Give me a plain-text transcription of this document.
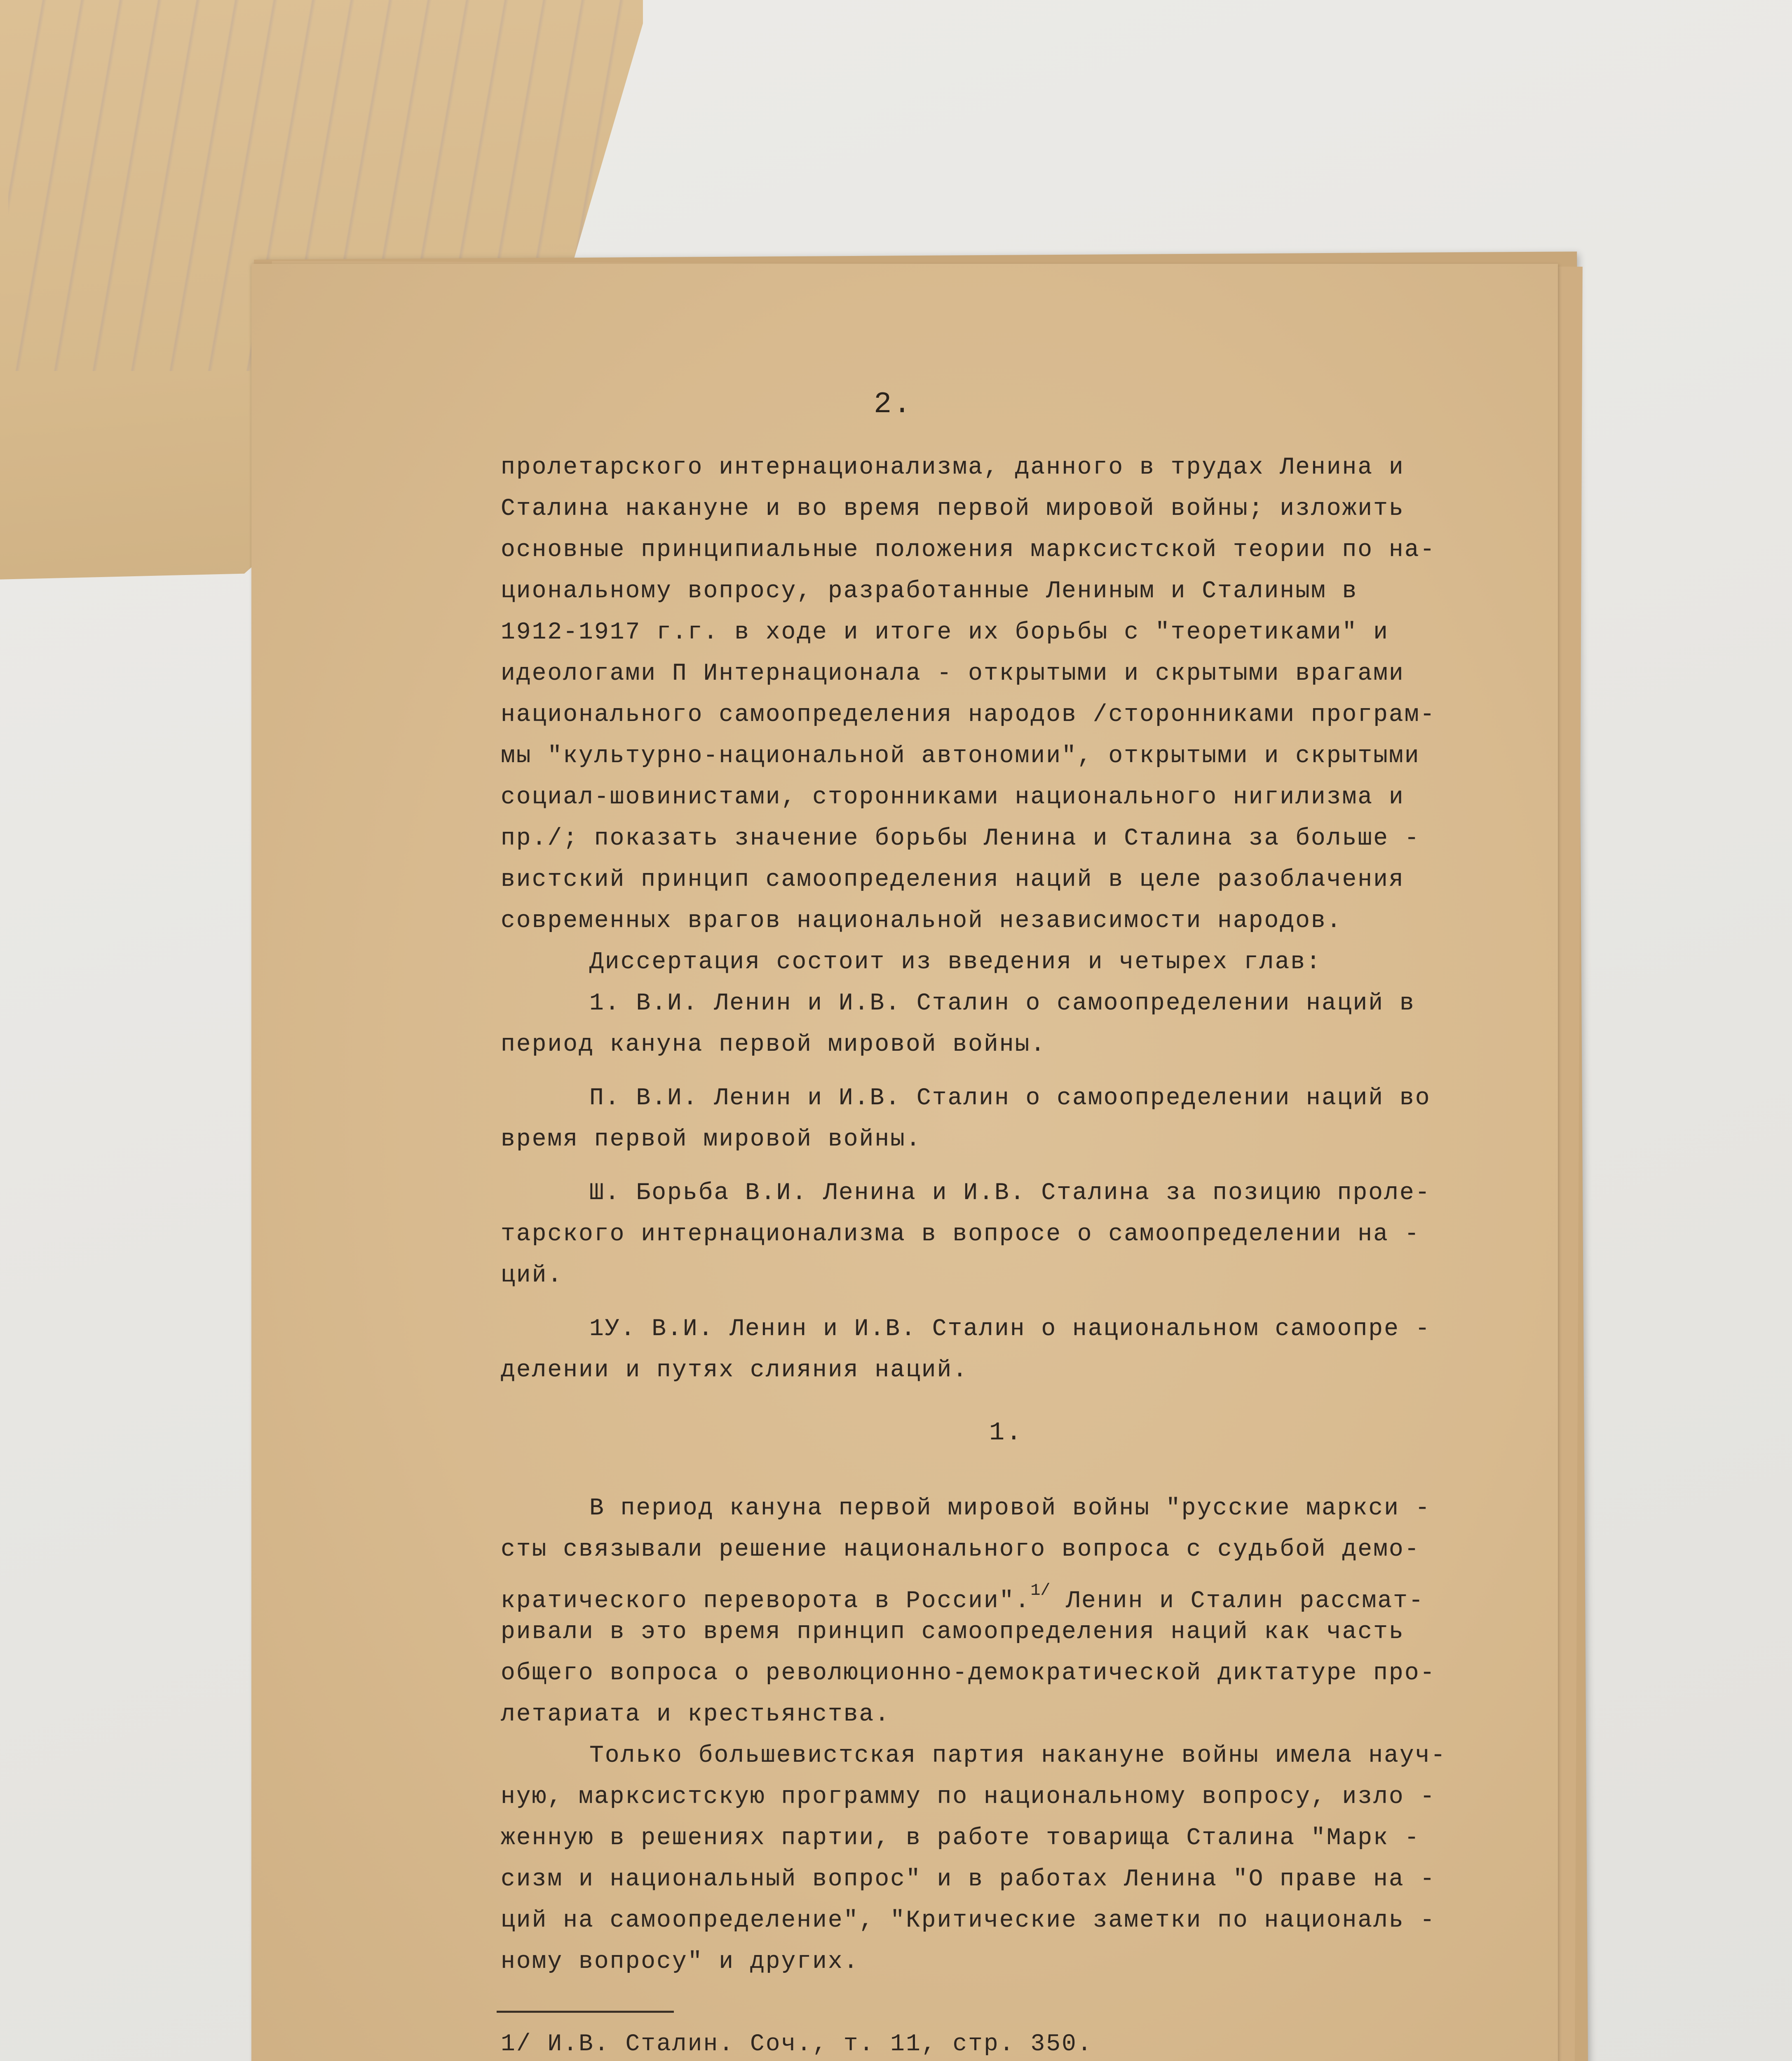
2.
пролетарского интернационализма, данного в трудах Ленина и
Сталина накануне и во время первой мировой войны; изложить
основные принципиальные положения марксистской теории по на-
циональному вопросу, разработанные Лениным и Сталиным в
1912-1917 г.г. в ходе и итоге их борьбы с "теоретиками" и
идеологами П Интернационала - открытыми и скрытыми врагами
национального самоопределения народов /сторонниками програм-
мы "культурно-национальной автономии", открытыми и скрытыми
социал-шовинистами, сторонниками национального нигилизма и
пр./; показать значение борьбы Ленина и Сталина за больше -
вистский принцип самоопределения наций в целе разоблачения
современных врагов национальной независимости народов.
Диссертация состоит из введения и четырех глав:
1. В.И. Ленин и И.В. Сталин о самоопределении наций в
период кануна первой мировой войны.
П. В.И. Ленин и И.В. Сталин о самоопределении наций во
время первой мировой войны.
Ш. Борьба В.И. Ленина и И.В. Сталина за позицию проле-
тарского интернационализма в вопросе о самоопределении на -
ций.
1У. В.И. Ленин и И.В. Сталин о национальном самоопре -
делении и путях слияния наций.
1.
В период кануна первой мировой войны "русские маркси -
сты связывали решение национального вопроса с судьбой демо-
кратического переворота в России".$^{1/}$ Ленин и Сталин рассмат-
ривали в это время принцип самоопределения наций как часть
общего вопроса о революционно-демократической диктатуре про-
летариата и крестьянства.
Только большевистская партия накануне войны имела науч-
ную, марксистскую программу по национальному вопросу, изло -
женную в решениях партии, в работе товарища Сталина "Марк -
сизм и национальный вопрос" и в работах Ленина "О праве на -
ций на самоопределение", "Критические заметки по националь -
ному вопросу" и других.
1/ И.В. Сталин. Соч., т. 11, стр. 350.
